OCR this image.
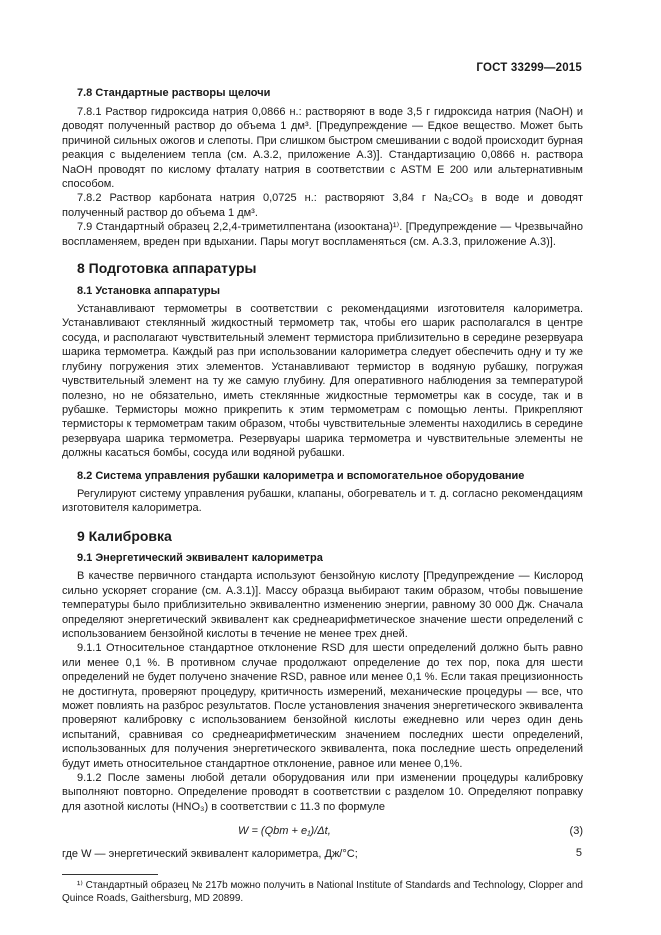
ГОСТ 33299—2015

7.8 Стандартные растворы щелочи

7.8.1 Раствор гидроксида натрия 0,0866 н.: растворяют в воде 3,5 г гидроксида натрия (NaOH) и доводят полученный раствор до объема 1 дм³. [Предупреждение — Едкое вещество. Может быть причиной сильных ожогов и слепоты. При слишком быстром смешивании с водой происходит бурная реакция с выделением тепла (см. А.3.2, приложение А.3)]. Стандартизацию 0,0866 н. раствора NaOH проводят по кислому фталату натрия в соответствии с ASTM E 200 или альтернативным способом.

7.8.2 Раствор карбоната натрия 0,0725 н.: растворяют 3,84 г Na₂CO₃ в воде и доводят полученный раствор до объема 1 дм³.

7.9 Стандартный образец 2,2,4-триметилпентана (изооктана)¹⁾. [Предупреждение — Чрезвычайно воспламеняем, вреден при вдыхании. Пары могут воспламеняться (см. А.3.3, приложение А.3)].

8 Подготовка аппаратуры

8.1 Установка аппаратуры

Устанавливают термометры в соответствии с рекомендациями изготовителя калориметра. Устанавливают стеклянный жидкостный термометр так, чтобы его шарик располагался в центре сосуда, и располагают чувствительный элемент термистора приблизительно в середине резервуара шарика термометра. Каждый раз при использовании калориметра следует обеспечить одну и ту же глубину погружения этих элементов. Устанавливают термистор в водяную рубашку, погружая чувствительный элемент на ту же самую глубину. Для оперативного наблюдения за температурой полезно, но не обязательно, иметь стеклянные жидкостные термометры как в сосуде, так и в рубашке. Термисторы можно прикрепить к этим термометрам с помощью ленты. Прикрепляют термисторы к термометрам таким образом, чтобы чувствительные элементы находились в середине резервуара шарика термометра. Резервуары шарика термометра и чувствительные элементы не должны касаться бомбы, сосуда или водяной рубашки.

8.2 Система управления рубашки калориметра и вспомогательное оборудование

Регулируют систему управления рубашки, клапаны, обогреватель и т. д. согласно рекомендациям изготовителя калориметра.

9 Калибровка

9.1 Энергетический эквивалент калориметра

В качестве первичного стандарта используют бензойную кислоту [Предупреждение — Кислород сильно ускоряет сгорание (см. А.3.1)]. Массу образца выбирают таким образом, чтобы повышение температуры было приблизительно эквивалентно изменению энергии, равному 30 000 Дж. Сначала определяют энергетический эквивалент как среднеарифметическое значение шести определений с использованием бензойной кислоты в течение не менее трех дней.

9.1.1 Относительное стандартное отклонение RSD для шести определений должно быть равно или менее 0,1 %. В противном случае продолжают определение до тех пор, пока для шести определений не будет получено значение RSD, равное или менее 0,1 %. Если такая прецизионность не достигнута, проверяют процедуру, критичность измерений, механические процедуры — все, что может повлиять на разброс результатов. После установления значения энергетического эквивалента проверяют калибровку с использованием бензойной кислоты ежедневно или через один день испытаний, сравнивая со среднеарифметическим значением последних шести определений, использованных для получения энергетического эквивалента, пока последние шесть определений будут иметь относительное стандартное отклонение, равное или менее 0,1%.

9.1.2 После замены любой детали оборудования или при изменении процедуры калибровку выполняют повторно. Определение проводят в соответствии с разделом 10. Определяют поправку для азотной кислоты (HNO₃) в соответствии с 11.3 по формуле

W = (Qbm + e₁)/Δt,	(3)

где W — энергетический эквивалент калориметра, Дж/°С;

¹⁾ Стандартный образец № 217b можно получить в National Institute of Standards and Technology, Clopper and Quince Roads, Gaithersburg, MD 20899.

5
